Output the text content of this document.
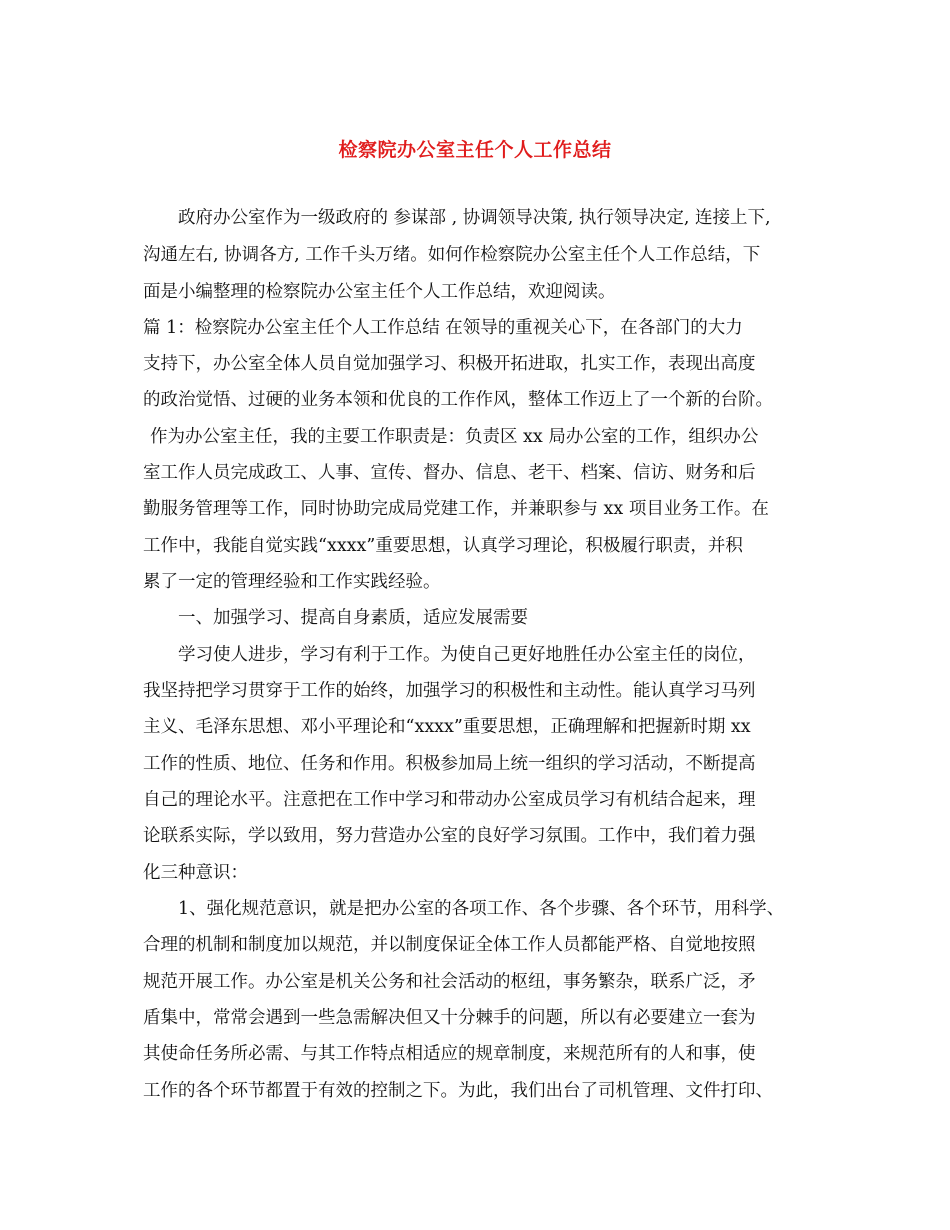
检察院办公室主任个人工作总结
政府办公室作为一级政府的 参谋部 , 协调领导决策, 执行领导决定, 连接上下,
沟通左右, 协调各方, 工作千头万绪。如何作检察院办公室主任个人工作总结，下
面是小编整理的检察院办公室主任个人工作总结，欢迎阅读。
篇 1：检察院办公室主任个人工作总结 在领导的重视关心下，在各部门的大力
支持下，办公室全体人员自觉加强学习、积极开拓进取，扎实工作，表现出高度
的政治觉悟、过硬的业务本领和优良的工作作风，整体工作迈上了一个新的台阶。
作为办公室主任，我的主要工作职责是：负责区 xx 局办公室的工作，组织办公
室工作人员完成政工、人事、宣传、督办、信息、老干、档案、信访、财务和后
勤服务管理等工作，同时协助完成局党建工作，并兼职参与 xx 项目业务工作。在
工作中，我能自觉实践“xxxx”重要思想，认真学习理论，积极履行职责，并积
累了一定的管理经验和工作实践经验。
一、加强学习、提高自身素质，适应发展需要
学习使人进步，学习有利于工作。为使自己更好地胜任办公室主任的岗位，
我坚持把学习贯穿于工作的始终，加强学习的积极性和主动性。能认真学习马列
主义、毛泽东思想、邓小平理论和“xxxx”重要思想，正确理解和把握新时期 xx
工作的性质、地位、任务和作用。积极参加局上统一组织的学习活动，不断提高
自己的理论水平。注意把在工作中学习和带动办公室成员学习有机结合起来，理
论联系实际，学以致用，努力营造办公室的良好学习氛围。工作中，我们着力强
化三种意识：
1、强化规范意识，就是把办公室的各项工作、各个步骤、各个环节，用科学、
合理的机制和制度加以规范，并以制度保证全体工作人员都能严格、自觉地按照
规范开展工作。办公室是机关公务和社会活动的枢纽，事务繁杂，联系广泛，矛
盾集中，常常会遇到一些急需解决但又十分棘手的问题，所以有必要建立一套为
其使命任务所必需、与其工作特点相适应的规章制度，来规范所有的人和事，使
工作的各个环节都置于有效的控制之下。为此，我们出台了司机管理、文件打印、
